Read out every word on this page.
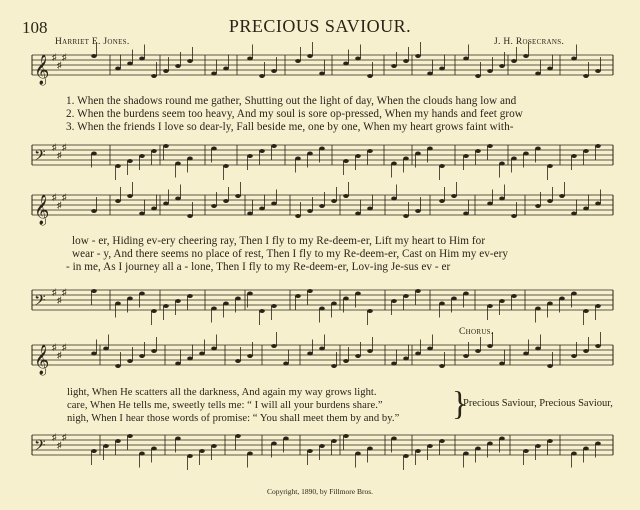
𝄞 ♯
♯
♯
𝄢 ♯
♯
♯
𝄞 ♯
♯
♯
𝄢 ♯
♯
♯
𝄞 ♯
♯
♯
𝄢 ♯
♯
♯
108	PRECIOUS SAVIOUR.
Harriet E. Jones.	J. H. Rosecrans.
1. When the shadows round me gather, Shutting out the light of day, When the clouds hang low and
2. When the burdens seem too heavy, And my soul is sore op-pressed, When my hands and feet grow
3. When the friends I love so dear-ly, Fall beside me, one by one, When my heart grows faint with-
low - er, Hiding ev-ery cheering ray, Then I fly to my Re-deem-er, Lift my heart to Him for
wear - y, And there seems no place of rest, Then I fly to my Re-deem-er, Cast on Him my ev-ery
- in me, As I journey all a - lone, Then I fly to my Re-deem-er, Lov-ing Je-sus ev - er
Chorus.
light, When He scatters all the darkness, And again my way grows light.
care, When He tells me, sweetly tells me: “ I will all your burdens share.”
nigh, When I hear those words of promise: “ You shall meet them by and by.” }
Precious Saviour, Precious Saviour,
Copyright, 1890, by Fillmore Bros.
